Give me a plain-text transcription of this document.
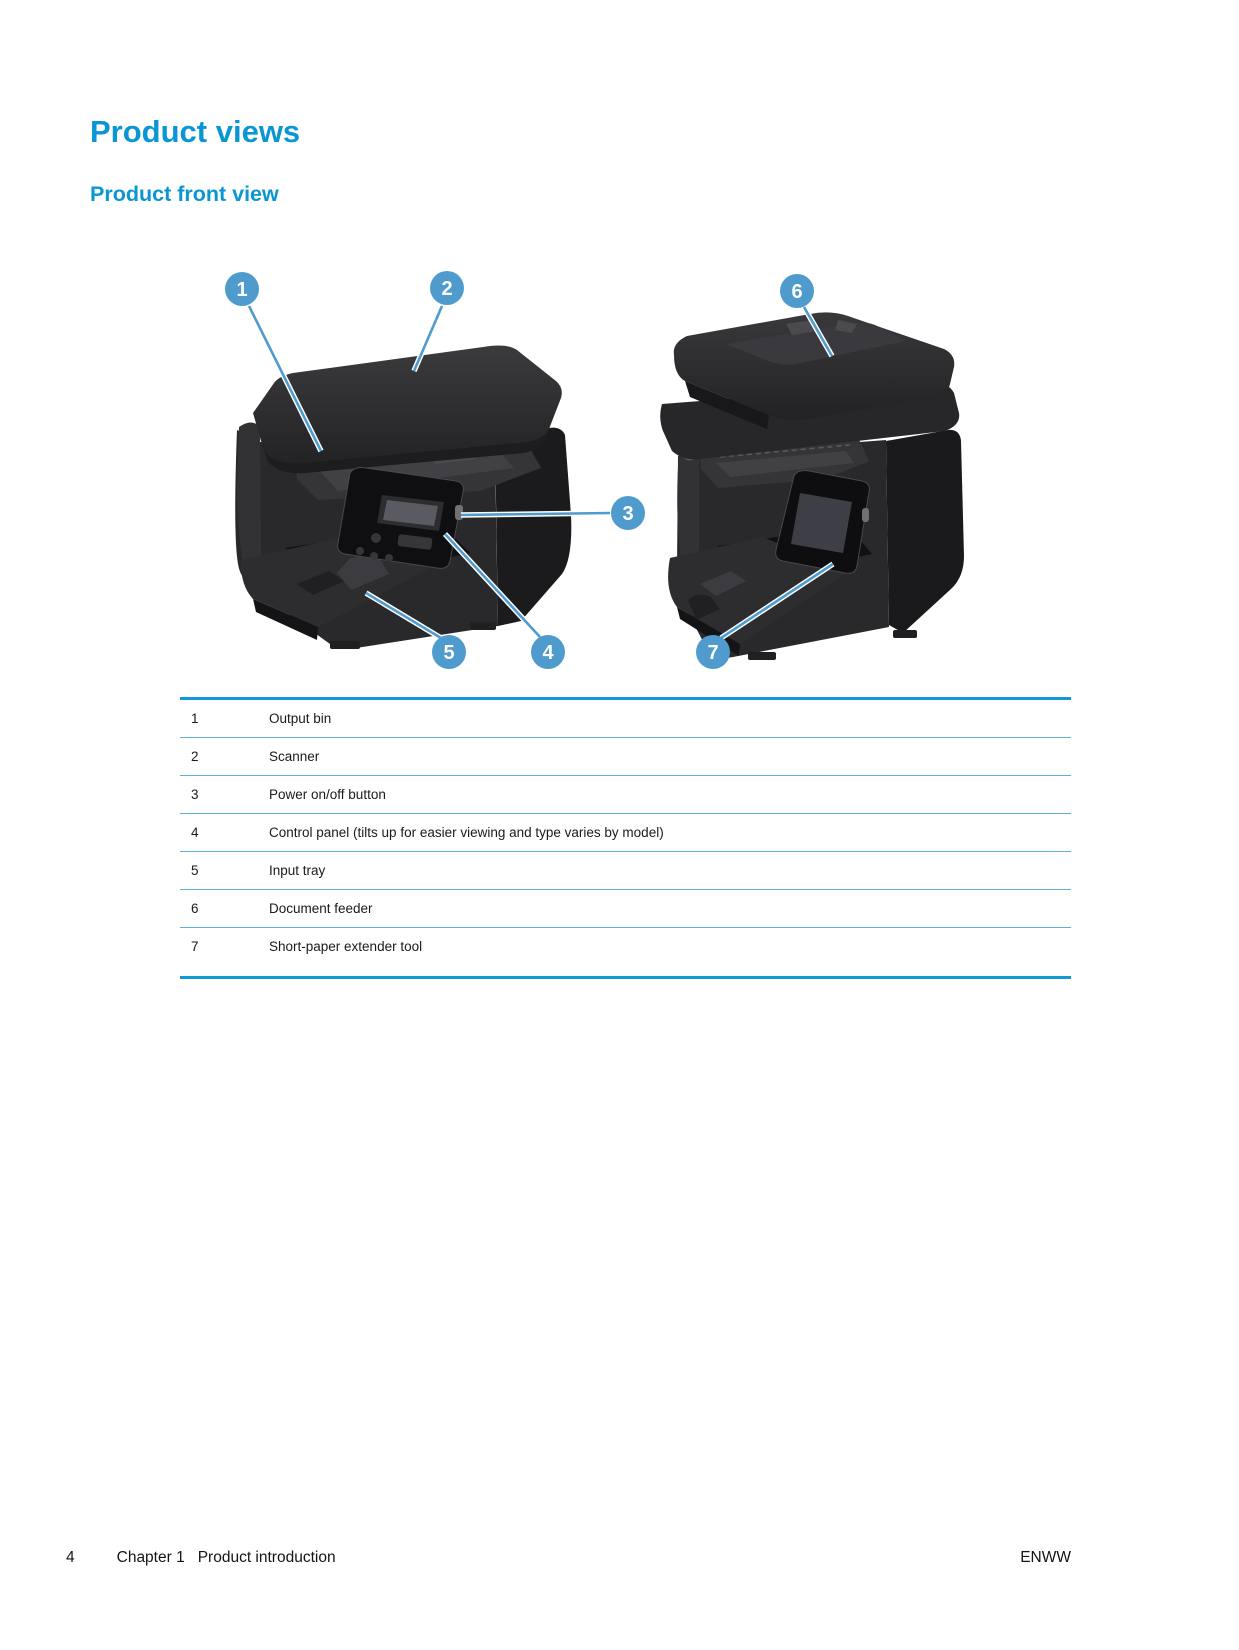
Product views
Product front view
1	2
3
4
5
6
7
1	Output bin
2	Scanner
3	Power on/off button
4	Control panel (tilts up for easier viewing and type varies by model)
5	Input tray
6	Document feeder
7	Short-paper extender tool
4	Chapter 1 Product introduction	ENWW
